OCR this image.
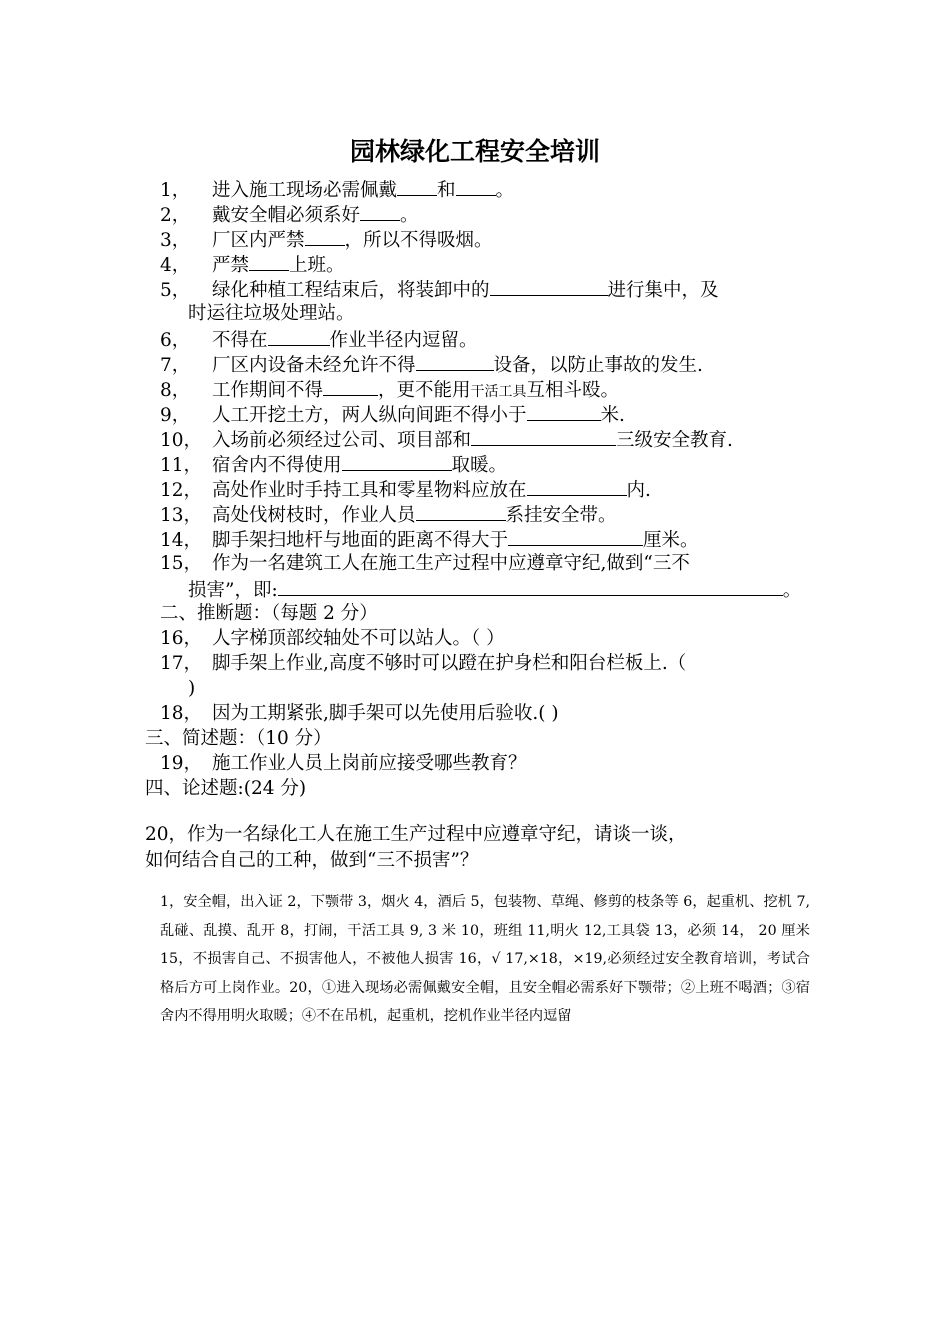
园林绿化工程安全培训
1， 进入施工现场必需佩戴 和 。
2， 戴安全帽必须系好 。
3， 厂区内严禁 ，所以不得吸烟。
4， 严禁 上班。
5， 绿化种植工程结束后，将装卸中的	进行集中，及
时运往垃圾处理站。
6， 不得在	作业半径内逗留。
7， 厂区内设备未经允许不得	设备，以防止事故的发生.
8， 工作期间不得	，更不能用干活工具互相斗殴。
9， 人工开挖土方，两人纵向间距不得小于	米.
10， 入场前必须经过公司、项目部和	三级安全教育.
11， 宿舍内不得使用	取暖。
12， 高处作业时手持工具和零星物料应放在	内.
13， 高处伐树枝时，作业人员	系挂安全带。
14， 脚手架扫地杆与地面的距离不得大于	厘米。
15， 作为一名建筑工人在施工生产过程中应遵章守纪,做到“三不
损害”，即:	。
二、推断题：（每题 2 分）
16， 人字梯顶部绞轴处不可以站人。（ ）
17， 脚手架上作业,高度不够时可以蹬在护身栏和阳台栏板上.（
)
18， 因为工期紧张,脚手架可以先使用后验收.( )
三、简述题：（10 分）
19， 施工作业人员上岗前应接受哪些教育？
四、论述题:(24 分)
20，作为一名绿化工人在施工生产过程中应遵章守纪，请谈一谈，
如何结合自己的工种，做到“三不损害”？
1，安全帽，出入证 2，下颚带 3，烟火 4，酒后 5，包装物、草绳、修剪的枝条等 6，起重机、挖机 7,乱碰、乱摸、乱开 8，打闹，干活工具 9, 3 米 10，班组 11,明火 12,工具袋 13，必须 14， 20 厘米 15，不损害自己、不损害他人，不被他人损害 16，√ 17,×18，×19,必须经过安全教育培训，考试合格后方可上岗作业。20，①进入现场必需佩戴安全帽，且安全帽必需系好下颚带；②上班不喝酒；③宿舍内不得用明火取暖；④不在吊机，起重机，挖机作业半径内逗留
